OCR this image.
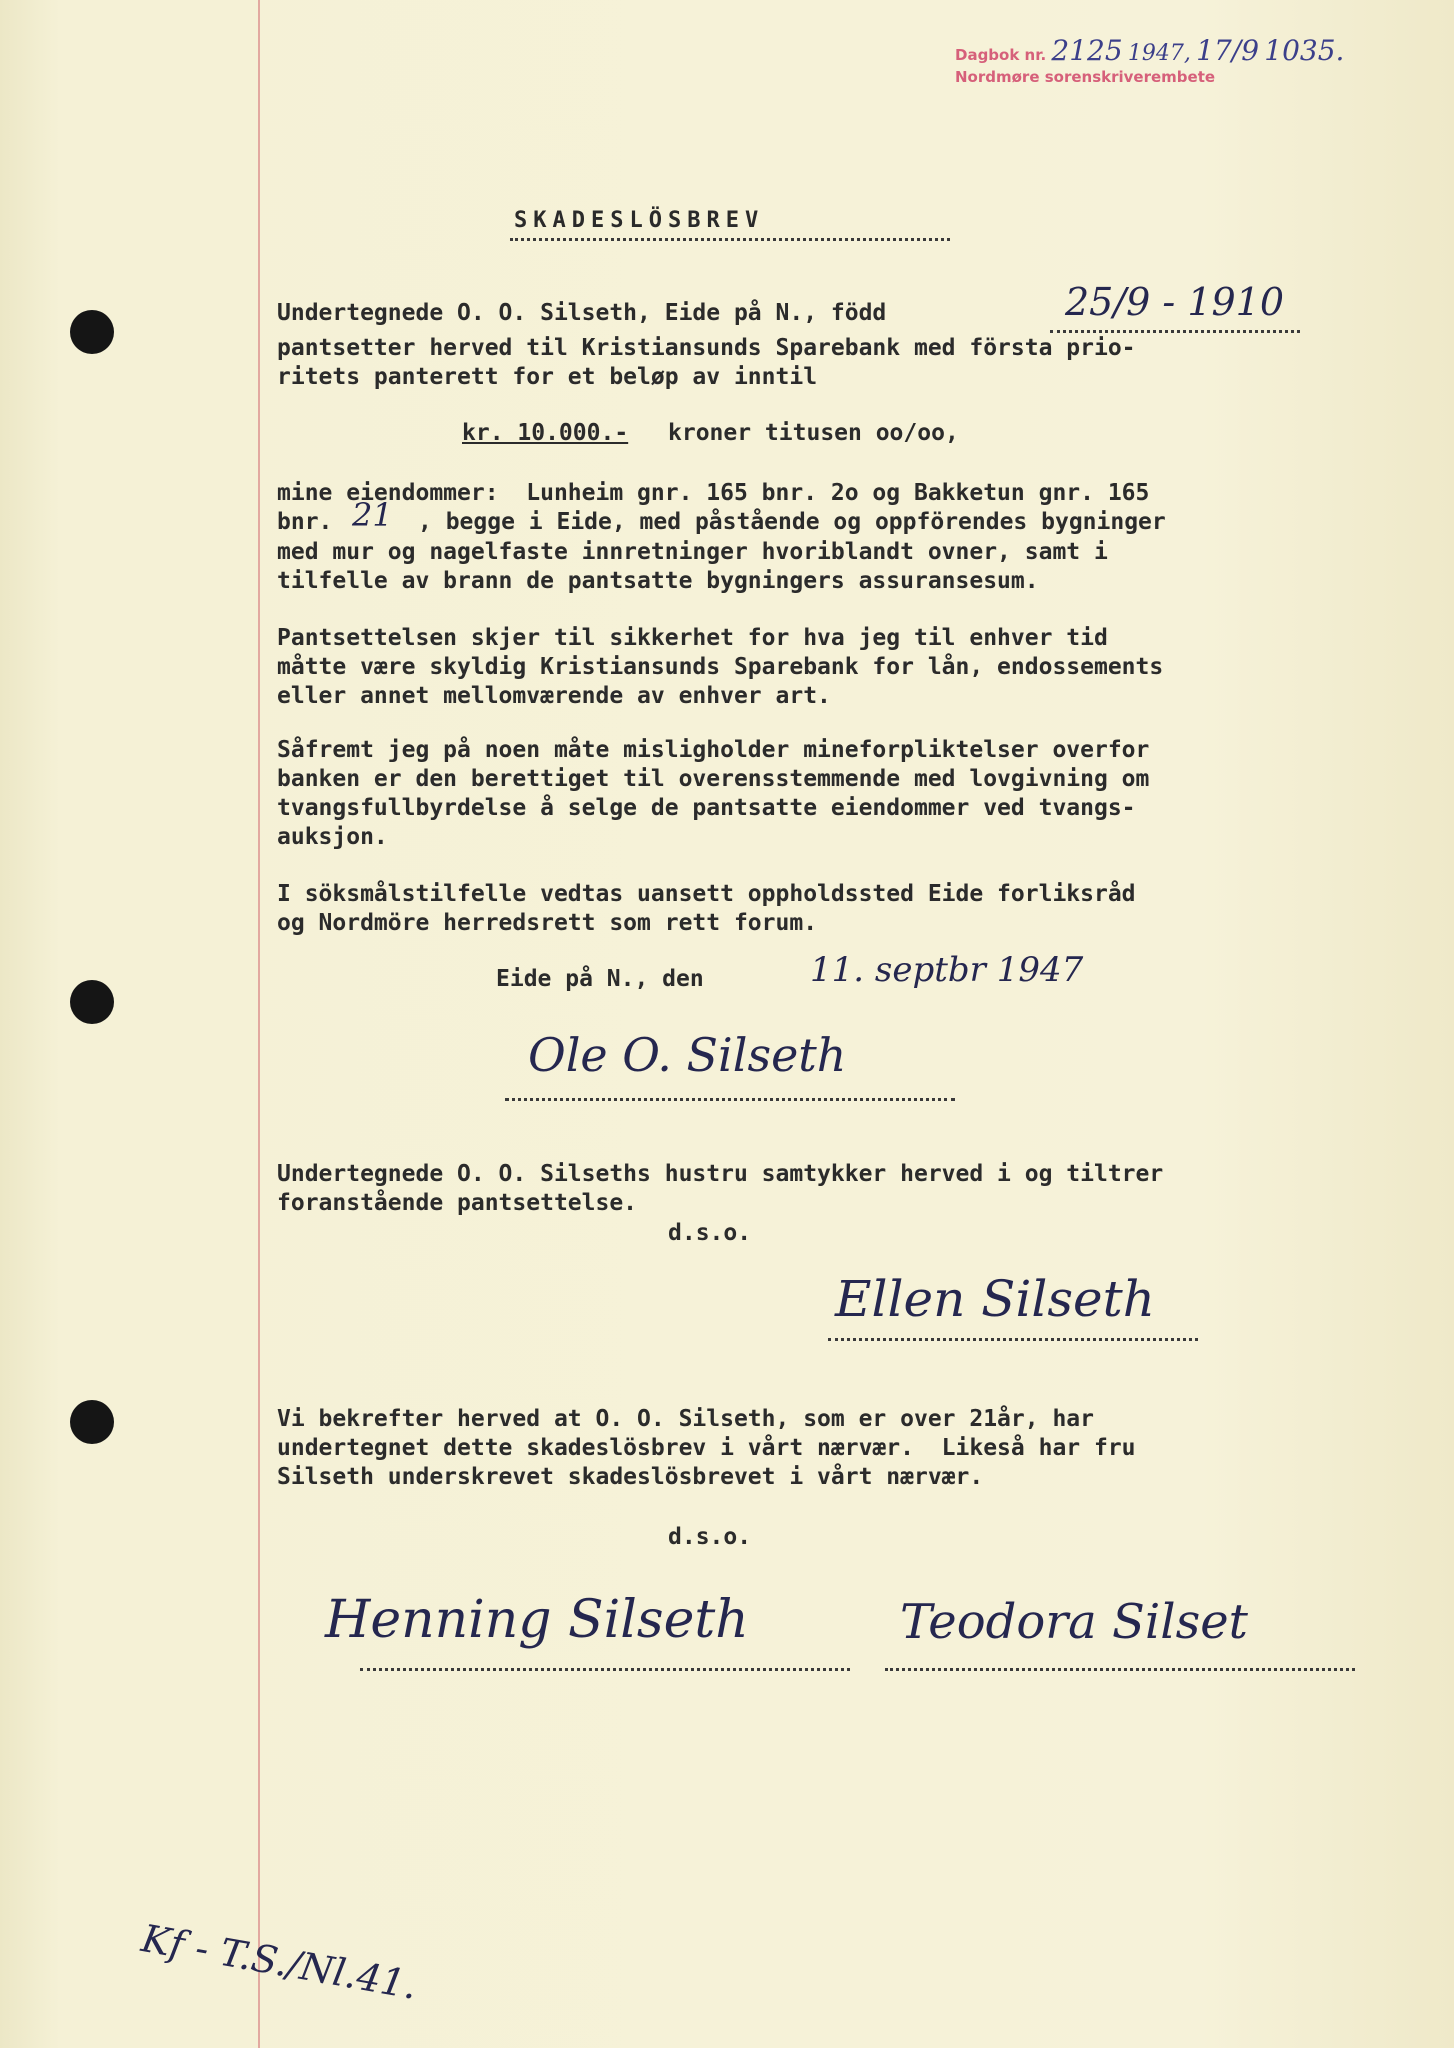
Dagbok nr. 2125 1947, 17/9 1035.
Nordmøre sorenskriverembete
SKADESLÖSBREV
Undertegnede O. O. Silseth, Eide på N., född	25/9 - 1910
pantsetter herved til Kristiansunds Sparebank med första prio-
ritets panterett for et beløp av inntil
kr. 10.000.- kroner titusen oo/oo,
mine eiendommer:  Lunheim gnr. 165 bnr. 2o og Bakketun gnr. 165
bnr. 21 , begge i Eide, med påstående og oppförendes bygninger
med mur og nagelfaste innretninger hvoriblandt ovner, samt i
tilfelle av brann de pantsatte bygningers assuransesum.
Pantsettelsen skjer til sikkerhet for hva jeg til enhver tid
måtte være skyldig Kristiansunds Sparebank for lån, endossements
eller annet mellomværende av enhver art.
Såfremt jeg på noen måte misligholder mineforpliktelser overfor
banken er den berettiget til overensstemmende med lovgivning om
tvangsfullbyrdelse å selge de pantsatte eiendommer ved tvangs-
auksjon.
I söksmålstilfelle vedtas uansett oppholdssted Eide forliksråd
og Nordmöre herredsrett som rett forum.
Eide på N., den	11. septbr 1947
Ole O. Silseth
Undertegnede O. O. Silseths hustru samtykker herved i og tiltrer
foranstående pantsettelse.
d.s.o.
Ellen Silseth
Vi bekrefter herved at O. O. Silseth, som er over 21år, har
undertegnet dette skadeslösbrev i vårt nærvær.  Likeså har fru
Silseth underskrevet skadeslösbrevet i vårt nærvær.
d.s.o.
Henning Silseth	Teodora Silset
Kf - T.S./Nl.41.
